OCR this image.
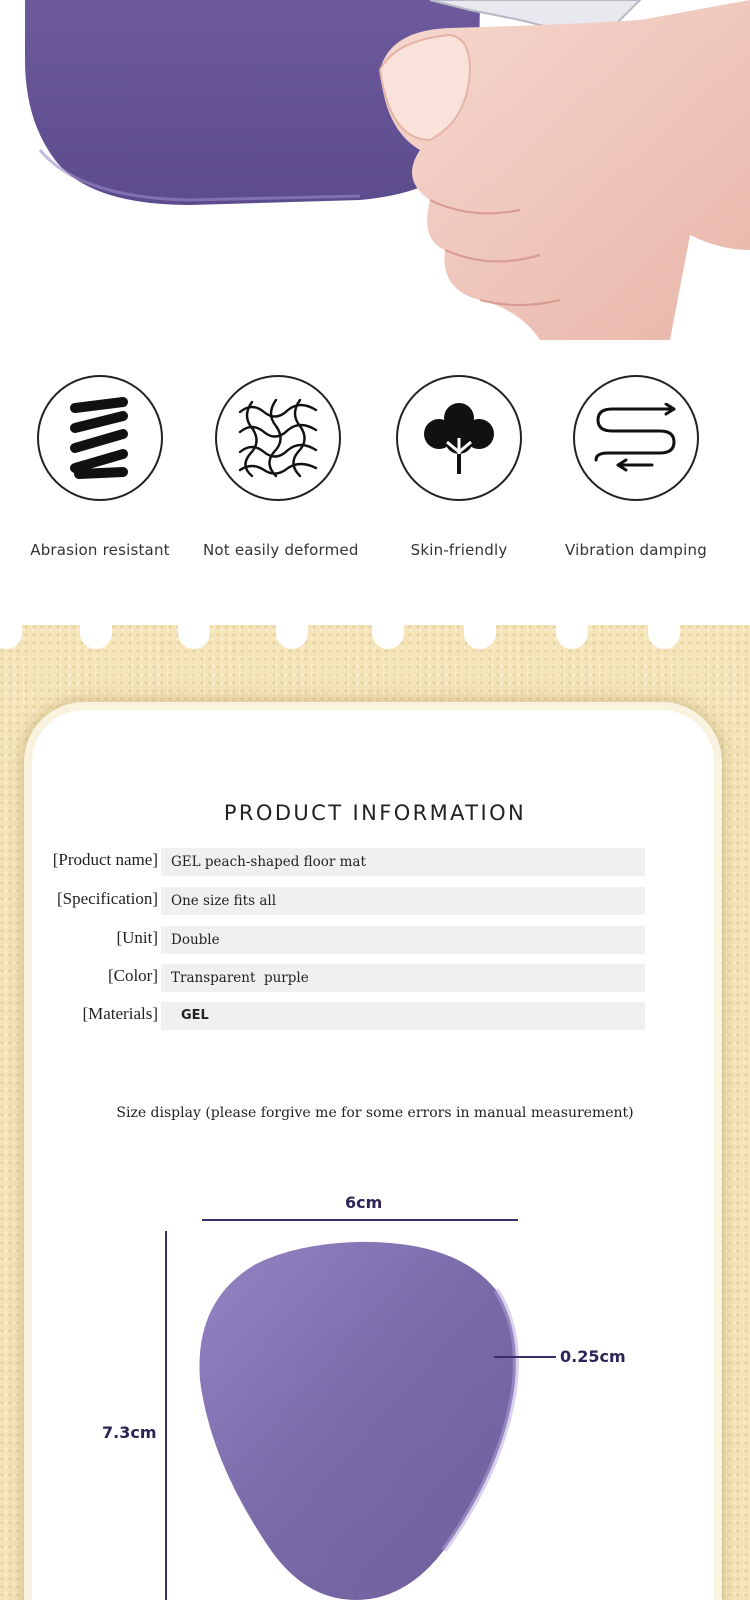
Abrasion resistant	Not easily deformed	Skin-friendly	Vibration damping
PRODUCT INFORMATION
[Product name] GEL peach-shaped floor mat
[Specification] One size fits all
[Unit] Double
[Color] Transparent  purple
[Materials]	GEL
Size display (please forgive me for some errors in manual measurement)
6cm
7.3cm
0.25cm
